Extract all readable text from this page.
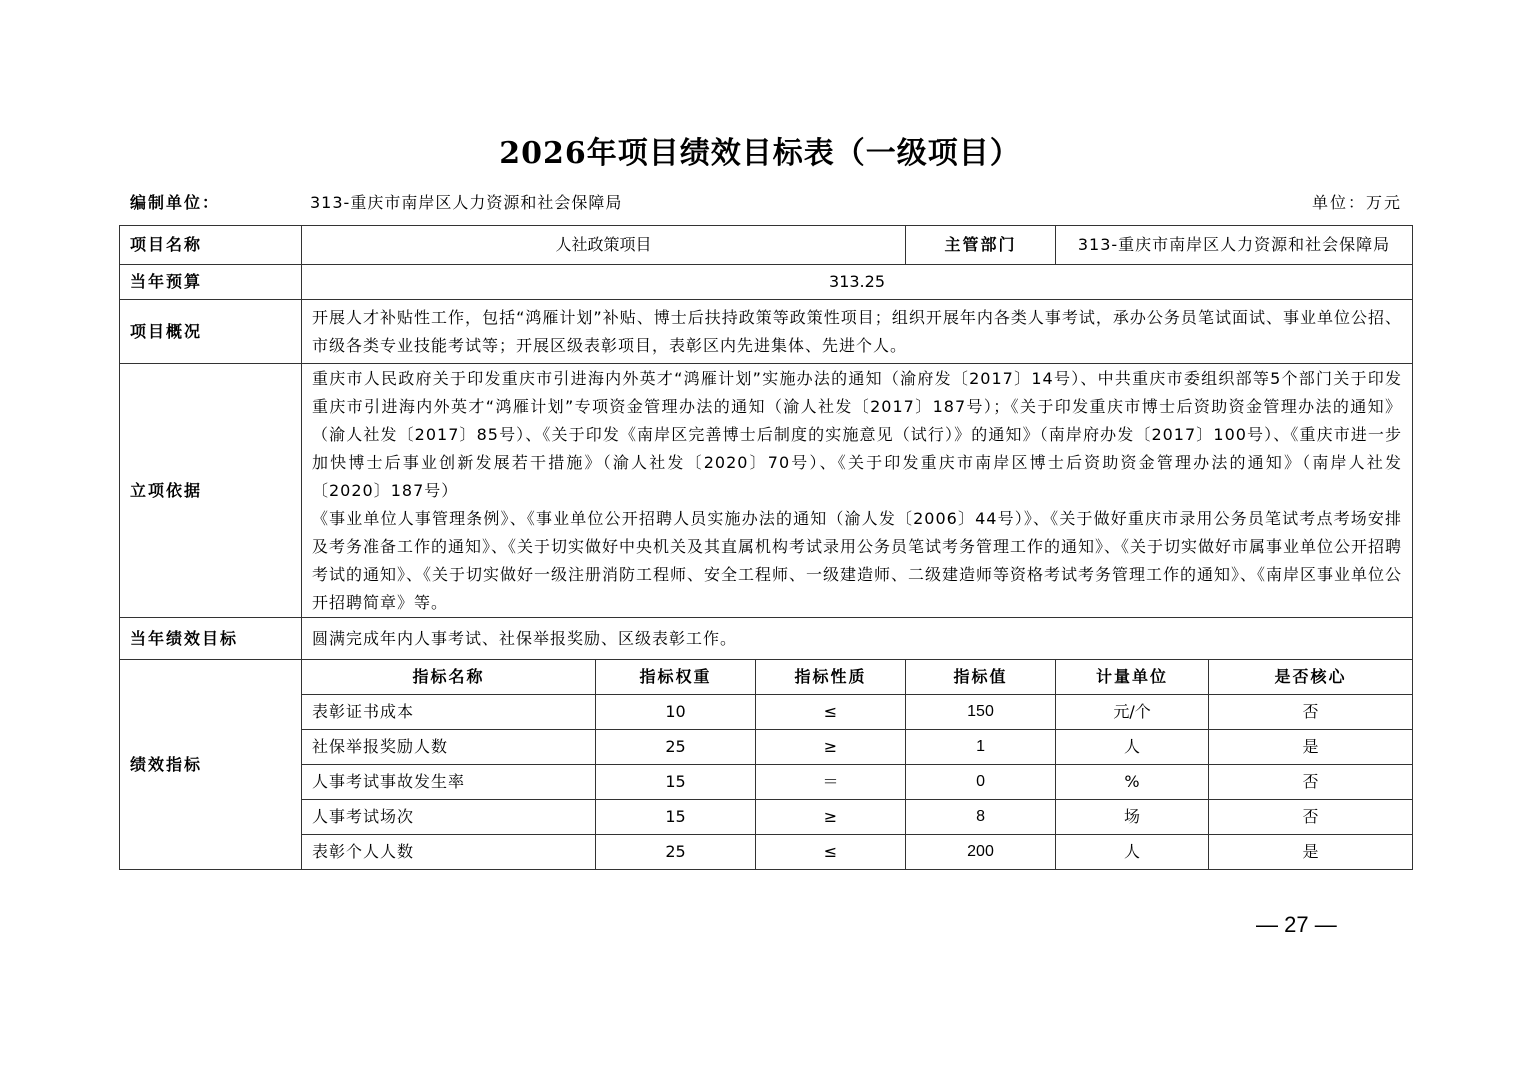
2026年项目绩效目标表（一级项目）
编制单位：	313-重庆市南岸区人力资源和社会保障局	单位：万元
项目名称	人社政策项目			主管部门	313-重庆市南岸区人力资源和社会保障局	
当年预算	313.25					
项目概况	开展人才补贴性工作，包括“鸿雁计划”补贴、博士后扶持政策等政策性项目；组织开展年内各类人事考试，承办公务员笔试面试、事业单位公招、市级各类专业技能考试等；开展区级表彰项目，表彰区内先进集体、先进个人。					
立项依据	重庆市人民政府关于印发重庆市引进海内外英才“鸿雁计划”实施办法的通知（渝府发〔2017〕14号）、中共重庆市委组织部等5个部门关于印发重庆市引进海内外英才“鸿雁计划”专项资金管理办法的通知（渝人社发〔2017〕187号）；《关于印发重庆市博士后资助资金管理办法的通知》（渝人社发〔2017〕85号）、《关于印发《南岸区完善博士后制度的实施意见（试行）》的通知》（南岸府办发〔2017〕100号）、《重庆市进一步加快博士后事业创新发展若干措施》（渝人社发〔2020〕70号）、《关于印发重庆市南岸区博士后资助资金管理办法的通知》（南岸人社发〔2020〕187号）
《事业单位人事管理条例》、《事业单位公开招聘人员实施办法的通知（渝人发〔2006〕44号）》、《关于做好重庆市录用公务员笔试考点考场安排及考务准备工作的通知》、《关于切实做好中央机关及其直属机构考试录用公务员笔试考务管理工作的通知》、《关于切实做好市属事业单位公开招聘考试的通知》、《关于切实做好一级注册消防工程师、安全工程师、一级建造师、二级建造师等资格考试考务管理工作的通知》、《南岸区事业单位公开招聘简章》等。					

当年绩效目标	圆满完成年内人事考试、社保举报奖励、区级表彰工作。					
绩效指标	指标名称	指标权重	指标性质	指标值	计量单位	是否核心
	表彰证书成本	10	≤	150	元/个	否
	社保举报奖励人数	25	≥	1	人	是
	人事考试事故发生率	15	＝	0	%	否
	人事考试场次	15	≥	8	场	否
	表彰个人人数	25	≤	200	人	是
— 27 —
